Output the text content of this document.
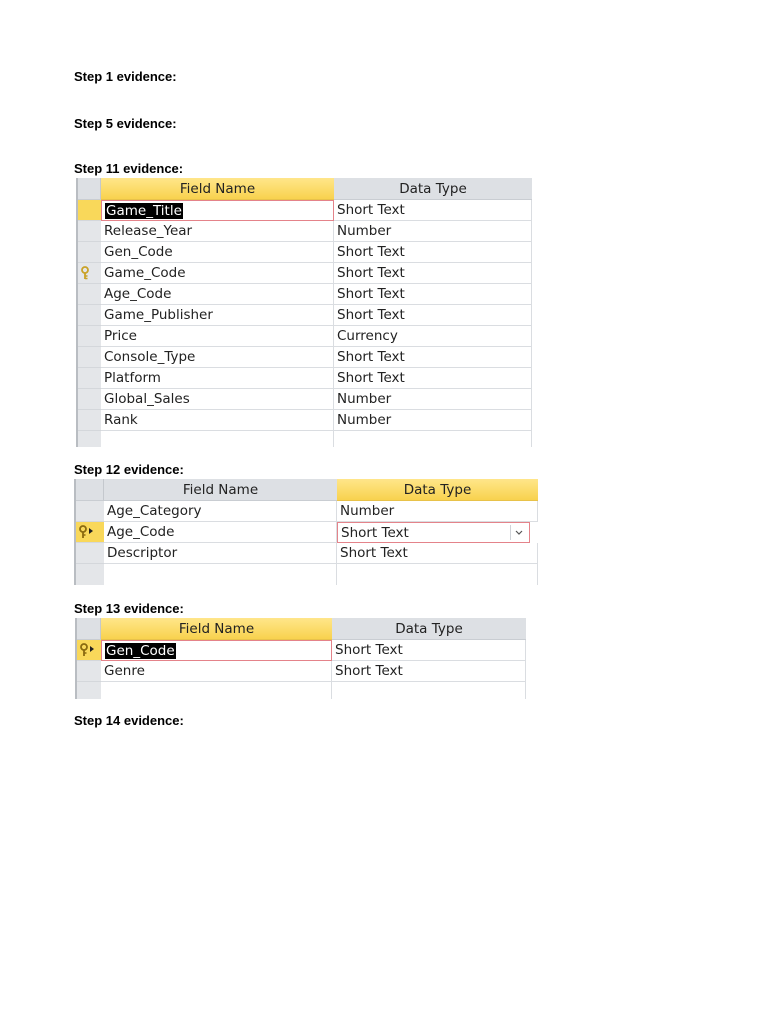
Step 1 evidence:

Step 5 evidence:

Step 11 evidence:

Step 12 evidence:

Step 13 evidence:

Step 14 evidence:

Field Name	Data Type
Game_Title	Short Text
Release_Year	Number
Gen_Code	Short Text
Game_Code	Short Text
Age_Code	Short Text
Game_Publisher	Short Text
Price	Currency
Console_Type	Short Text
Platform	Short Text
Global_Sales	Number
Rank	Number
Field Name	Data Type
Age_Category	Number
Age_Code	Short Text
Descriptor	Short Text
Field Name	Data Type
Gen_Code	Short Text
Genre	Short Text
